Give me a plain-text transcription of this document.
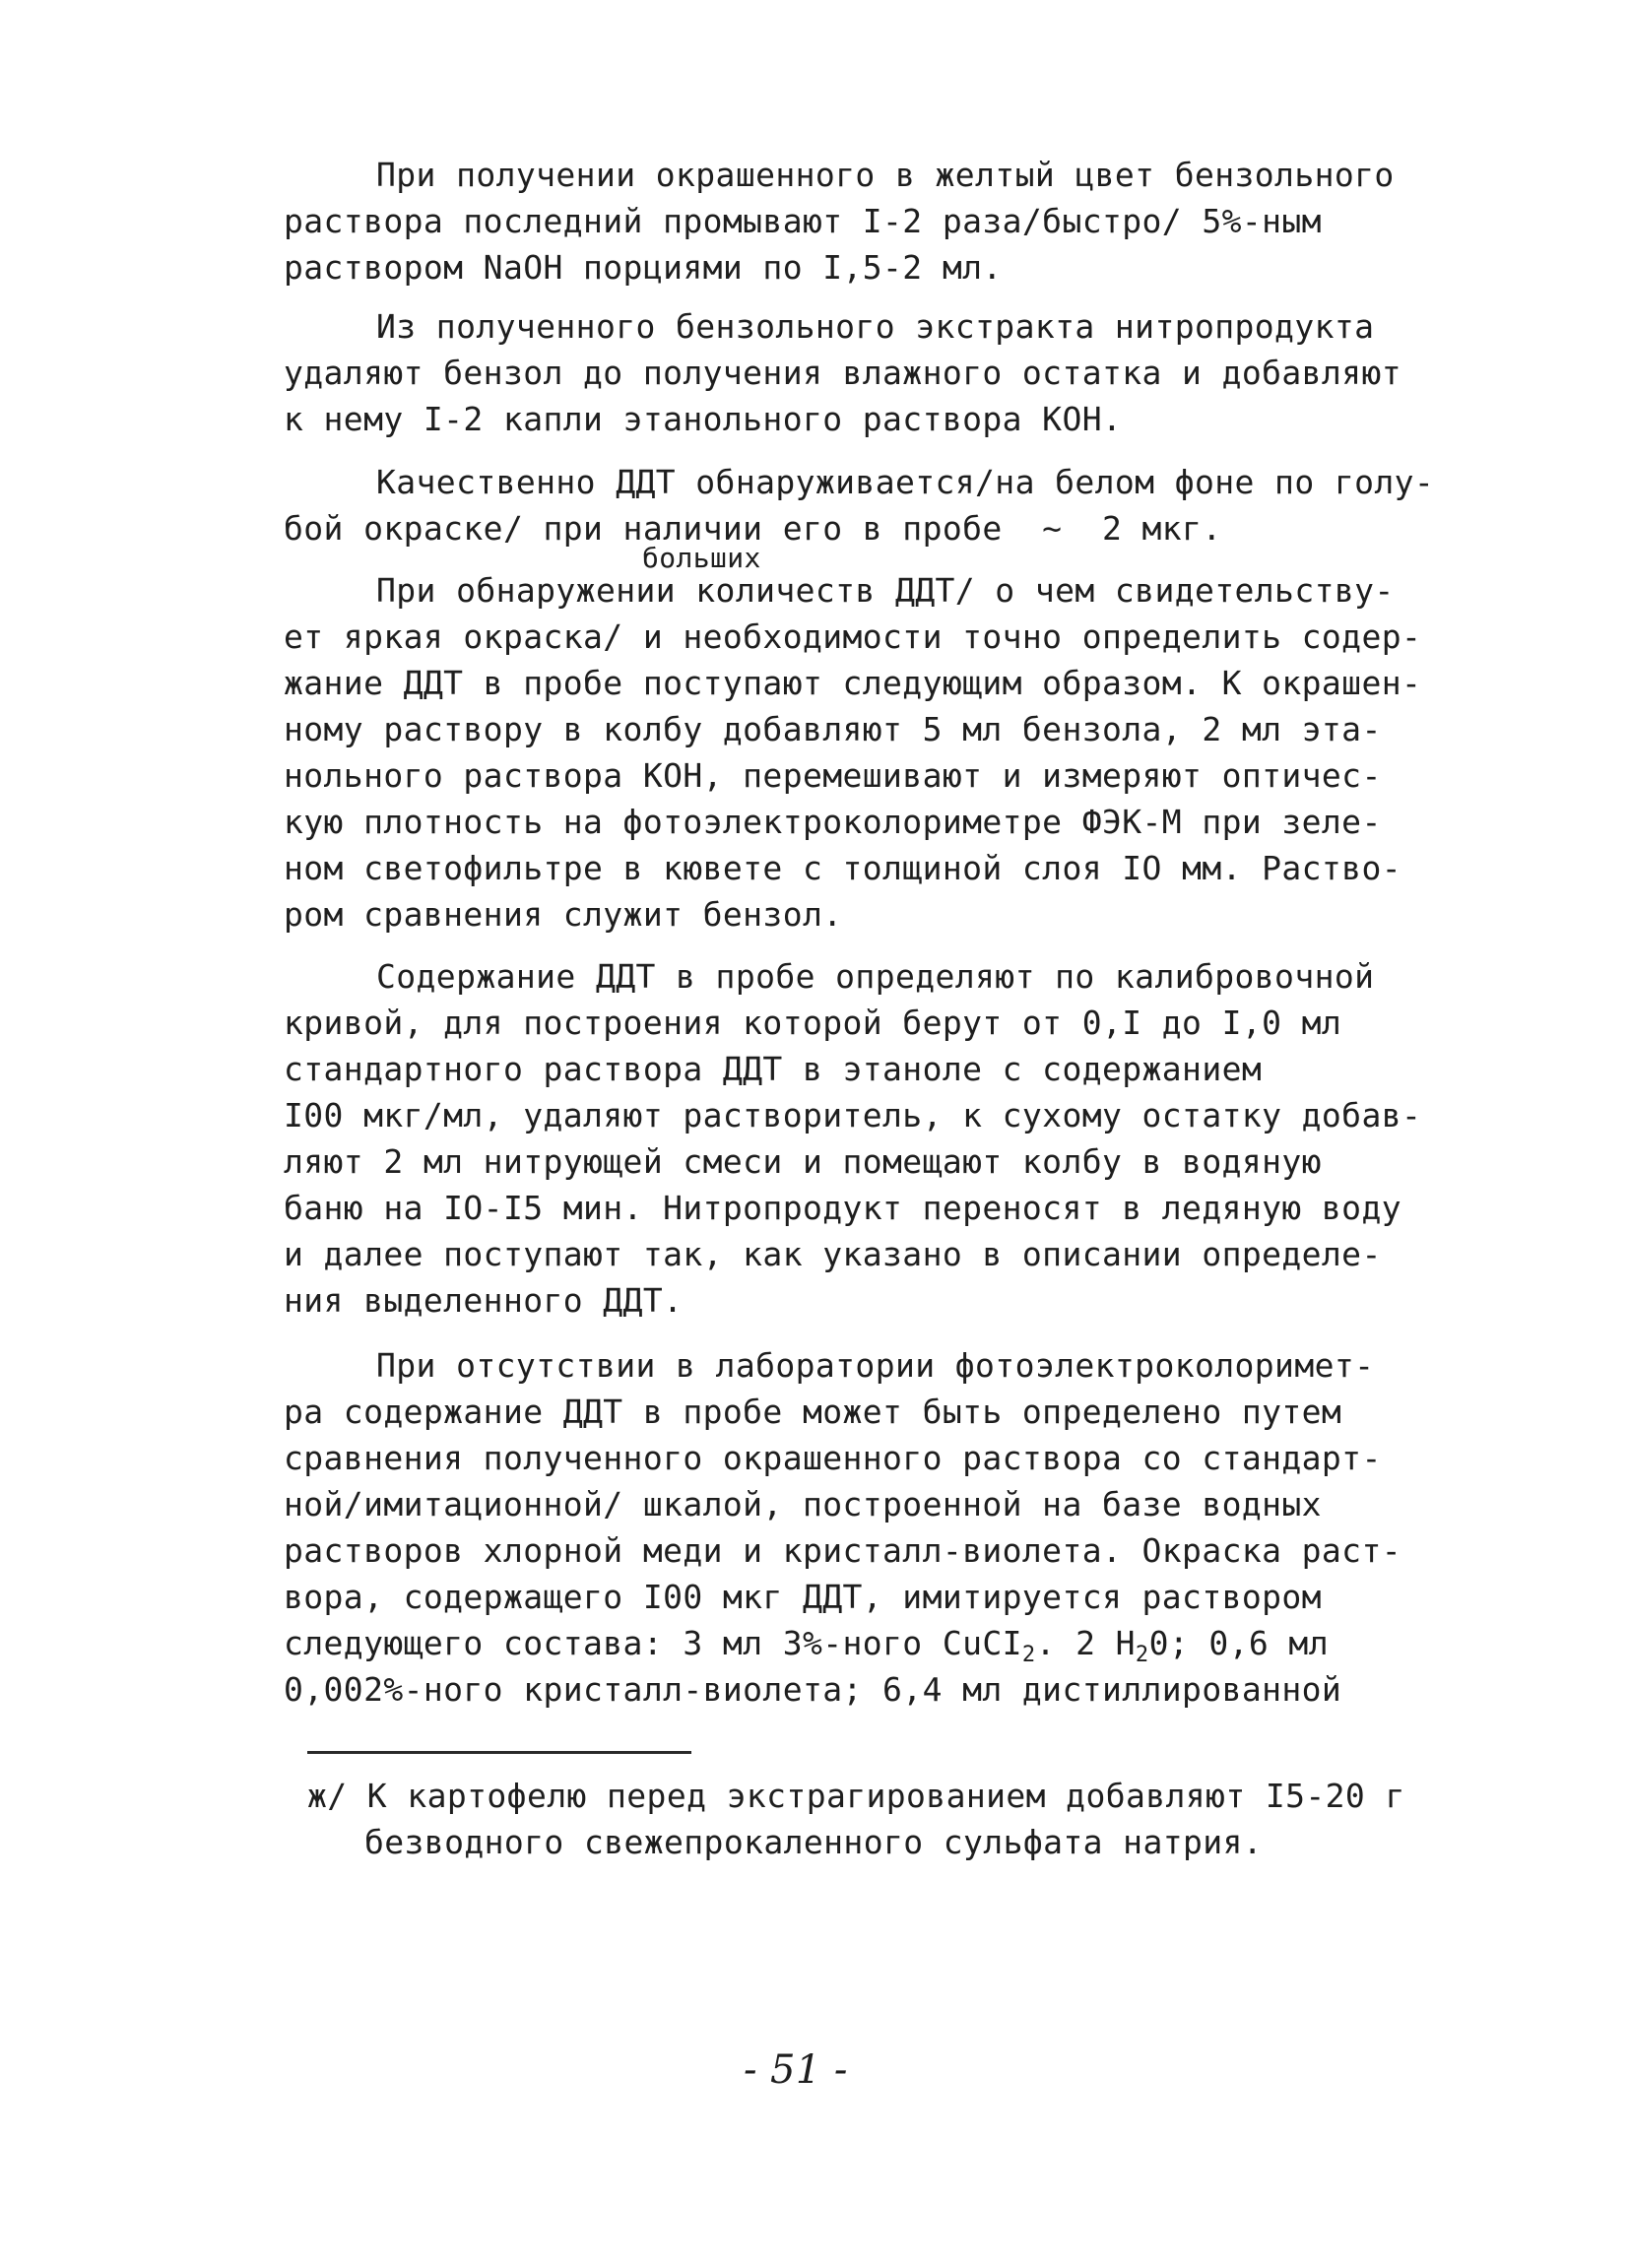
При получении окрашенного в желтый цвет бензольного

раствора последний промывают I-2 раза/быстро/ 5%-ным

раствором NaOH порциями по I,5-2 мл.

Из полученного бензольного экстракта нитропродукта

удаляют бензол до получения влажного остатка и добавляют

к нему I-2 капли этанольного раствора КОН.

Качественно ДДТ обнаруживается/на белом фоне по голу-

бой окраске/ при наличии его в пробе  ~  2 мкг.

больших

При обнаружении количеств ДДТ/ о чем свидетельству-

ет яркая окраска/ и необходимости точно определить содер-

жание ДДТ в пробе поступают следующим образом. К окрашен-

ному раствору в колбу добавляют 5 мл бензола, 2 мл эта-

нольного раствора КОН, перемешивают и измеряют оптичес-

кую плотность на фотоэлектроколориметре ФЭК-М при зеле-

ном светофильтре в кювете с толщиной слоя IO мм. Раство-

ром сравнения служит бензол.

Содержание ДДТ в пробе определяют по калибровочной

кривой, для построения которой берут от 0,I до I,0 мл

стандартного раствора ДДТ в этаноле с содержанием

I00 мкг/мл, удаляют растворитель, к сухому остатку добав-

ляют 2 мл нитрующей смеси и помещают колбу в водяную

баню на IO-I5 мин. Нитропродукт переносят в ледяную воду

и далее поступают так, как указано в описании определе-

ния выделенного ДДТ.

При отсутствии в лаборатории фотоэлектроколоримет-

ра содержание ДДТ в пробе может быть определено путем

сравнения полученного окрашенного раствора со стандарт-

ной/имитационной/ шкалой, построенной на базе водных

растворов хлорной меди и кристалл-виолета. Окраска раст-

вора, содержащего I00 мкг ДДТ, имитируется раствором

следующего состава: 3 мл 3%-ного CuCI$_2$. 2 $H_20$; 0,6 мл

0,002%-ного кристалл-виолета; 6,4 мл дистиллированной

ж/ К картофелю перед экстрагированием добавляют I5-20 г

безводного свежепрокаленного сульфата натрия.

- 51 -
